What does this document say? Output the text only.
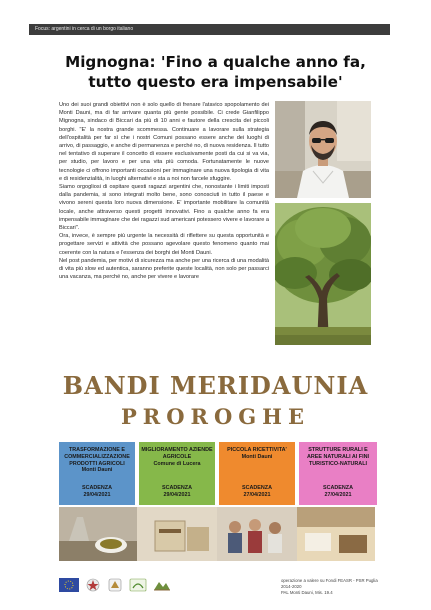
Focus: argentini in cerca di un borgo italiano
Mignogna: 'Fino a qualche anno fa,
tutto questo era impensabile'

Uno dei suoi grandi obiettivi non è solo quello di frenare l'atavico spopolamento dei Monti Dauni, ma di far arrivare quanta più gente possibile. Ci crede Gianfilippo Mignogna, sindaco di Biccari da più di 10 anni e fautore della crescita dei piccoli borghi. "E' la nostra grande scommessa. Continuare a lavorare sulla strategia dell'ospitalità per far sì che i nostri Comuni possano essere anche dei luoghi di arrivo, di passaggio, e anche di permanenza e perché no, di nuova residenza. Il tutto nel tentativo di superare il concetto di essere esclusivamente posti da cui si va via, per studio, per lavoro e per una vita più comoda. Fortunatamente le nuove tecnologie ci offrono importanti occasioni per immaginare una nuova tipologia di vita e di residenzialità, in luoghi alternativi e sta a noi non farcele sfuggire.

Siamo orgogliosi di ospitare questi ragazzi argentini che, nonostante i limiti imposti dalla pandemia, si sono integrati molto bene, sono conosciuti in tutto il paese e vivono sereni questa loro nuova dimensione. E' importante mobilitare la comunità locale, anche attraverso questi progetti innovativi. Fino a qualche anno fa era impensabile immaginare che dei ragazzi sud americani potessero vivere e lavorare a Biccari".

Ora, invece, è sempre più urgente la necessità di riflettere su questa opportunità e progettare servizi e attività che possano agevolare questo fenomeno quanto mai coerente con la natura e l'essenza dei borghi dei Monti Dauni.

Nel post pandemia, per motivi di sicurezza ma anche per una ricerca di una modalità di vita più slow ed autentica, saranno preferite queste località, non solo per passarci una vacanza, ma perché no, anche per vivere e lavorare

BANDI MERIDAUNIA
PROROGHE
TRASFORMAZIONE E COMMERCIALIZZAZIONE PRODOTTI AGRICOLI
Monti Dauni
SCADENZA
29/04/2021
MIGLIORAMENTO AZIENDE AGRICOLE
Comune di Lucera
SCADENZA
29/04/2021
PICCOLA RICETTIVITA'
Monti Dauni
SCADENZA
27/04/2021
STRUTTURE RURALI E AREE NATURALI AI FINI TURISTICO-NATURALI
SCADENZA
27/04/2021
operazione a valere su Fondi FEASR - PSR Puglia 2014-2020
PAL Monti Dauni, Mis. 19.4
